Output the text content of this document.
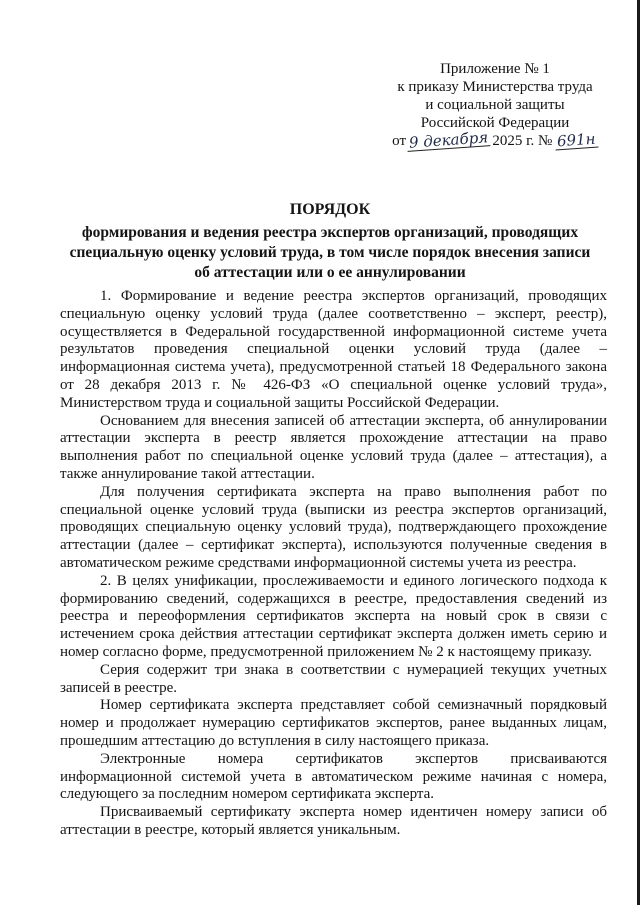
Приложение № 1
к приказу Министерства труда
и социальной защиты
Российской Федерации
от 9 декабря 2025 г. № 691н
ПОРЯДОК
формирования и ведения реестра экспертов организаций, проводящих
специальную оценку условий труда, в том числе порядок внесения записи
об аттестации или о ее аннулировании

1. Формирование и ведение реестра экспертов организаций, проводящих специальную оценку условий труда (далее соответственно – эксперт, реестр), осуществляется в Федеральной государственной информационной системе учета результатов проведения специальной оценки условий труда (далее – информационная система учета), предусмотренной статьей 18 Федерального закона от 28 декабря 2013 г. № 426-ФЗ «О специальной оценке условий труда», Министерством труда и социальной защиты Российской Федерации.

Основанием для внесения записей об аттестации эксперта, об аннулировании аттестации эксперта в реестр является прохождение аттестации на право выполнения работ по специальной оценке условий труда (далее – аттестация), а также аннулирование такой аттестации.

Для получения сертификата эксперта на право выполнения работ по специальной оценке условий труда (выписки из реестра экспертов организаций, проводящих специальную оценку условий труда), подтверждающего прохождение аттестации (далее – сертификат эксперта), используются полученные сведения в автоматическом режиме средствами информационной системы учета из реестра.

2. В целях унификации, прослеживаемости и единого логического подхода к формированию сведений, содержащихся в реестре, предоставления сведений из реестра и переоформления сертификатов эксперта на новый срок в связи с истечением срока действия аттестации сертификат эксперта должен иметь серию и номер согласно форме, предусмотренной приложением № 2 к настоящему приказу.

Серия содержит три знака в соответствии с нумерацией текущих учетных записей в реестре.

Номер сертификата эксперта представляет собой семизначный порядковый номер и продолжает нумерацию сертификатов экспертов, ранее выданных лицам, прошедшим аттестацию до вступления в силу настоящего приказа.

Электронные номера сертификатов экспертов присваиваются информационной системой учета в автоматическом режиме начиная с номера, следующего за последним номером сертификата эксперта.

Присваиваемый сертификату эксперта номер идентичен номеру записи об аттестации в реестре, который является уникальным.
